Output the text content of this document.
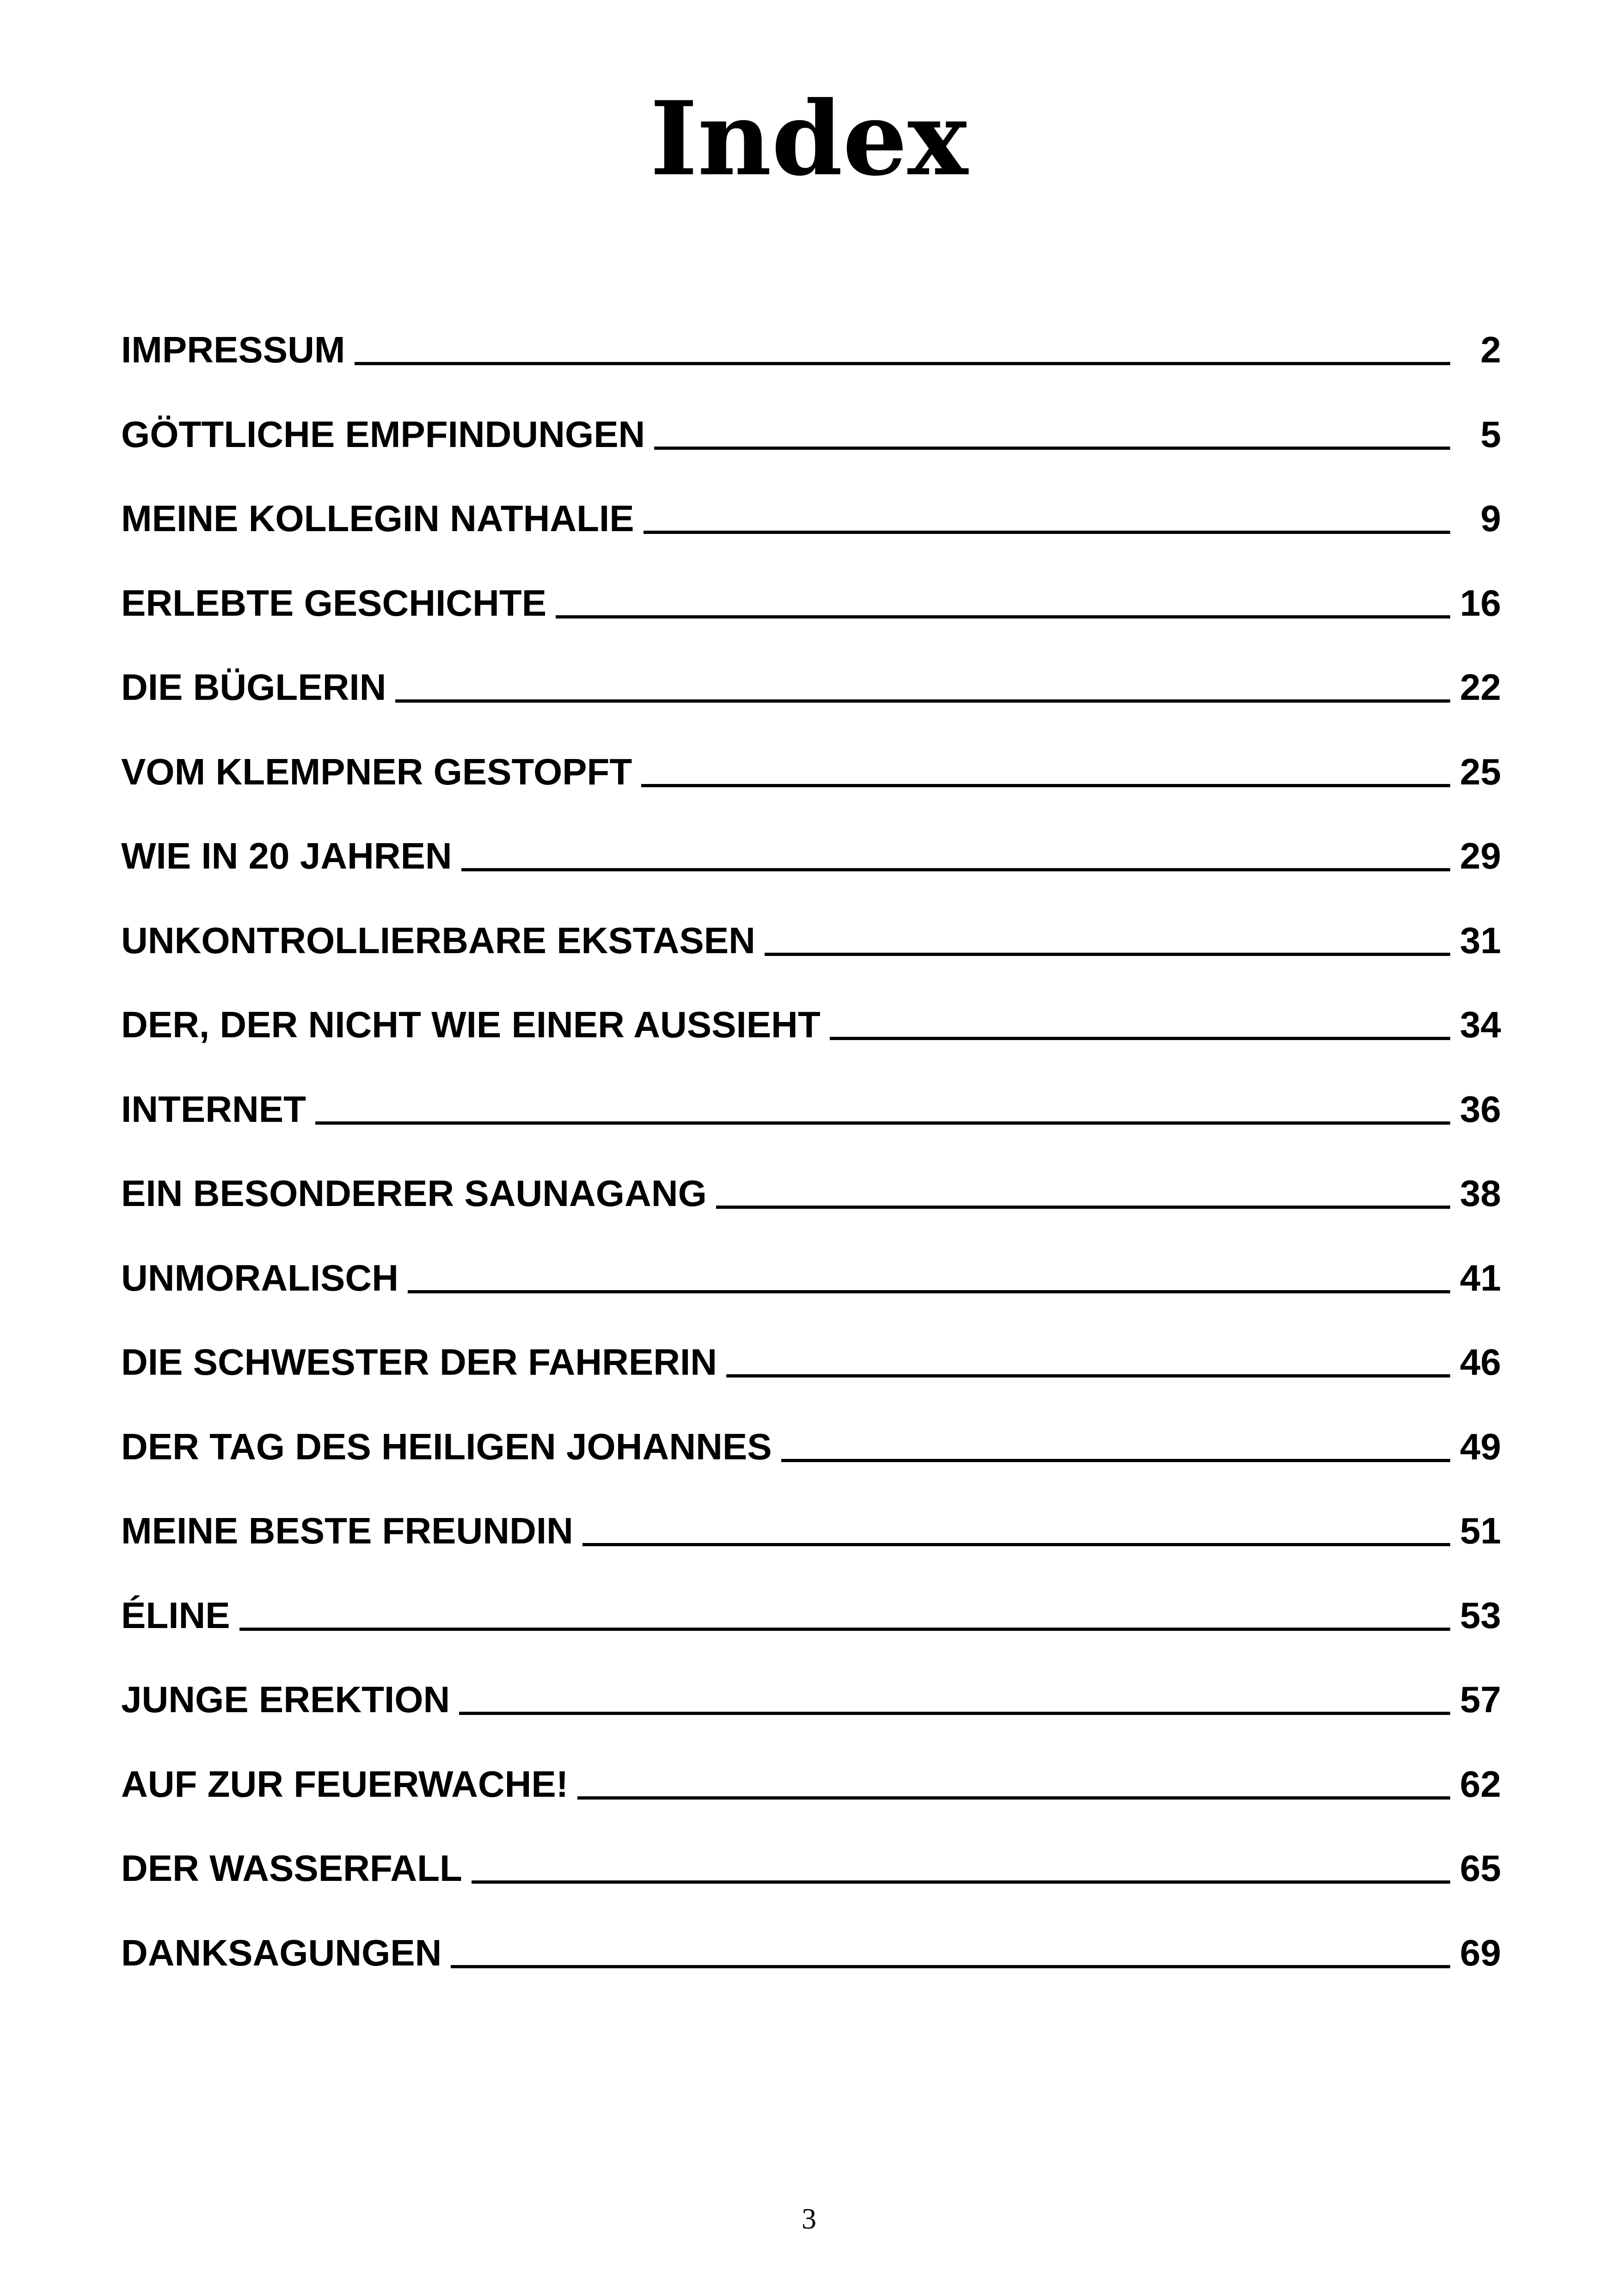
Index
IMPRESSUM	2
GÖTTLICHE EMPFINDUNGEN	5
MEINE KOLLEGIN NATHALIE	9
ERLEBTE GESCHICHTE	16
DIE BÜGLERIN	22
VOM KLEMPNER GESTOPFT	25
WIE IN 20 JAHREN	29
UNKONTROLLIERBARE EKSTASEN	31
DER, DER NICHT WIE EINER AUSSIEHT	34
INTERNET	36
EIN BESONDERER SAUNAGANG	38
UNMORALISCH	41
DIE SCHWESTER DER FAHRERIN	46
DER TAG DES HEILIGEN JOHANNES	49
MEINE BESTE FREUNDIN	51
ÉLINE	53
JUNGE EREKTION	57
AUF ZUR FEUERWACHE!	62
DER WASSERFALL	65
DANKSAGUNGEN	69
3
